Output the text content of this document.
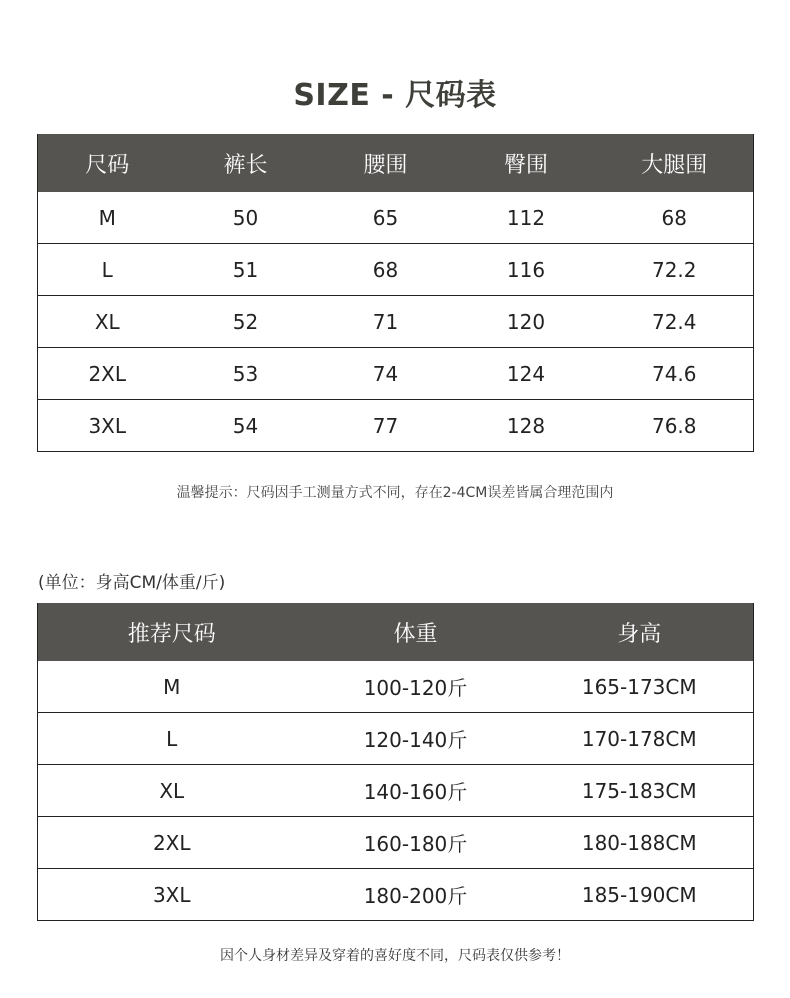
SIZE - 尺码表
尺码	裤长	腰围	臀围	大腿围
M	50	65	112	68
L	51	68	116	72.2
XL	52	71	120	72.4
2XL	53	74	124	74.6
3XL	54	77	128	76.8
温馨提示：尺码因手工测量方式不同，存在2-4CM误差皆属合理范围内
(单位：身高CM/体重/斤)
推荐尺码	体重	身高
M	100-120斤	165-173CM
L	120-140斤	170-178CM
XL	140-160斤	175-183CM
2XL	160-180斤	180-188CM
3XL	180-200斤	185-190CM
因个人身材差异及穿着的喜好度不同，尺码表仅供参考！
